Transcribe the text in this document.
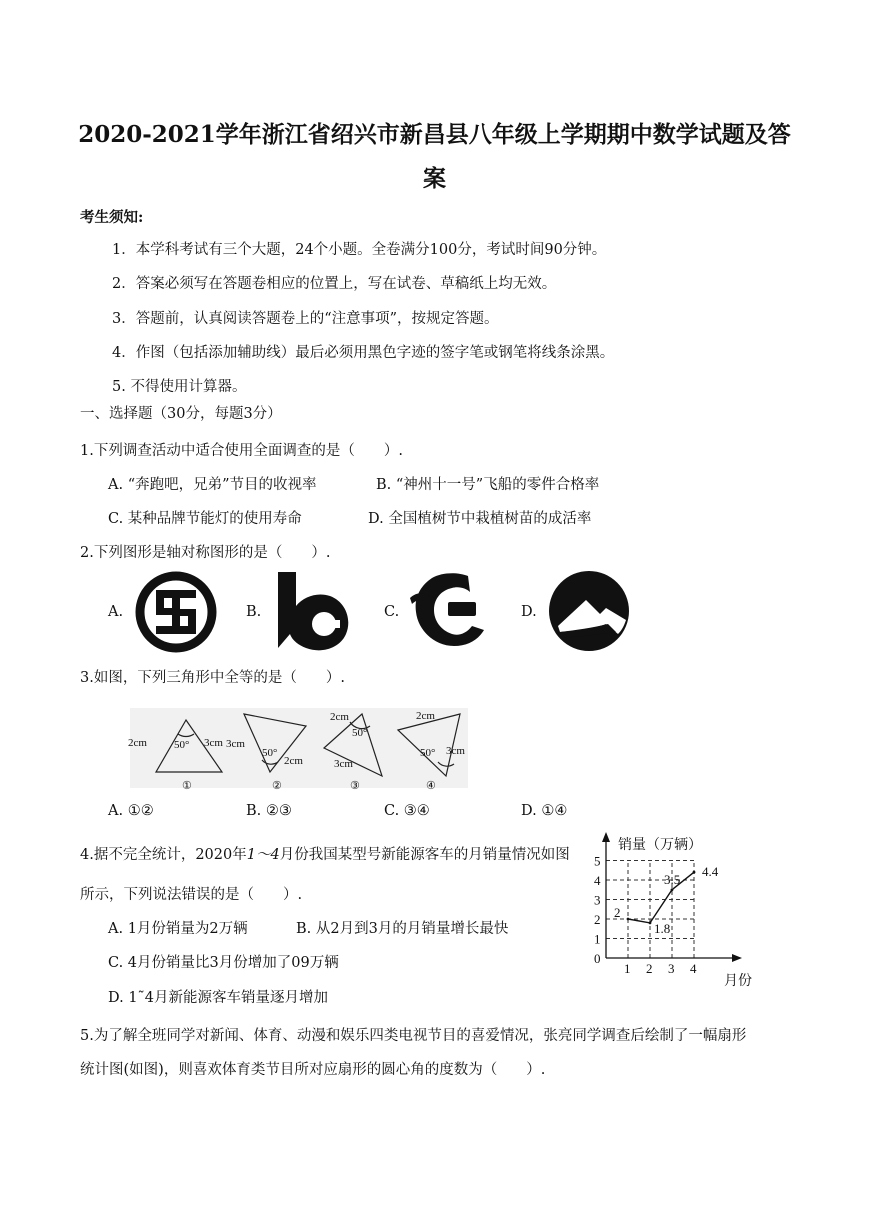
2020-2021学年浙江省绍兴市新昌县八年级上学期期中数学试题及答
案
考生须知:
1．本学科考试有三个大题，24个小题。全卷满分100分，考试时间90分钟。
2．答案必须写在答题卷相应的位置上，写在试卷、草稿纸上均无效。
3．答题前，认真阅读答题卷上的“注意事项”，按规定答题。
4．作图（包括添加辅助线）最后必须用黑色字迹的签字笔或钢笔将线条涂黑。
5. 不得使用计算器。
一、选择题（30分，每题3分）
1.下列调查活动中适合使用全面调查的是（　　）.
A. “奔跑吧，兄弟”节目的收视率	B. “神州十一号”飞船的零件合格率
C. 某种品牌节能灯的使用寿命	D. 全国植树节中栽植树苗的成活率
2.下列图形是轴对称图形的是（　　）.
A.	B.	C.	D.
3.如图，下列三角形中全等的是（　　）.
2cm	3cm
50°
①
3cm
50°
2cm
②
2cm
50°
3cm
③
2cm
50° 3cm
④
A. ①②	B. ②③	C. ③④	D. ①④
4.据不完全统计，2020年1～4月份我国某型号新能源客车的月销量情况如图
所示，下列说法错误的是（　　）.
A. 1月份销量为2万辆	B. 从2月到3月的月销量增长最快
C. 4月份销量比3月份增加了09万辆
D. 1˜4月新能源客车销量逐月增加
销量（万辆）
月份
0
1
2
3
4
5
1 2 3 4
2
1.8
3.5
4.4
5.为了解全班同学对新闻、体育、动漫和娱乐四类电视节目的喜爱情况，张亮同学调查后绘制了一幅扇形
统计图(如图)，则喜欢体育类节目所对应扇形的圆心角的度数为（　　）.
